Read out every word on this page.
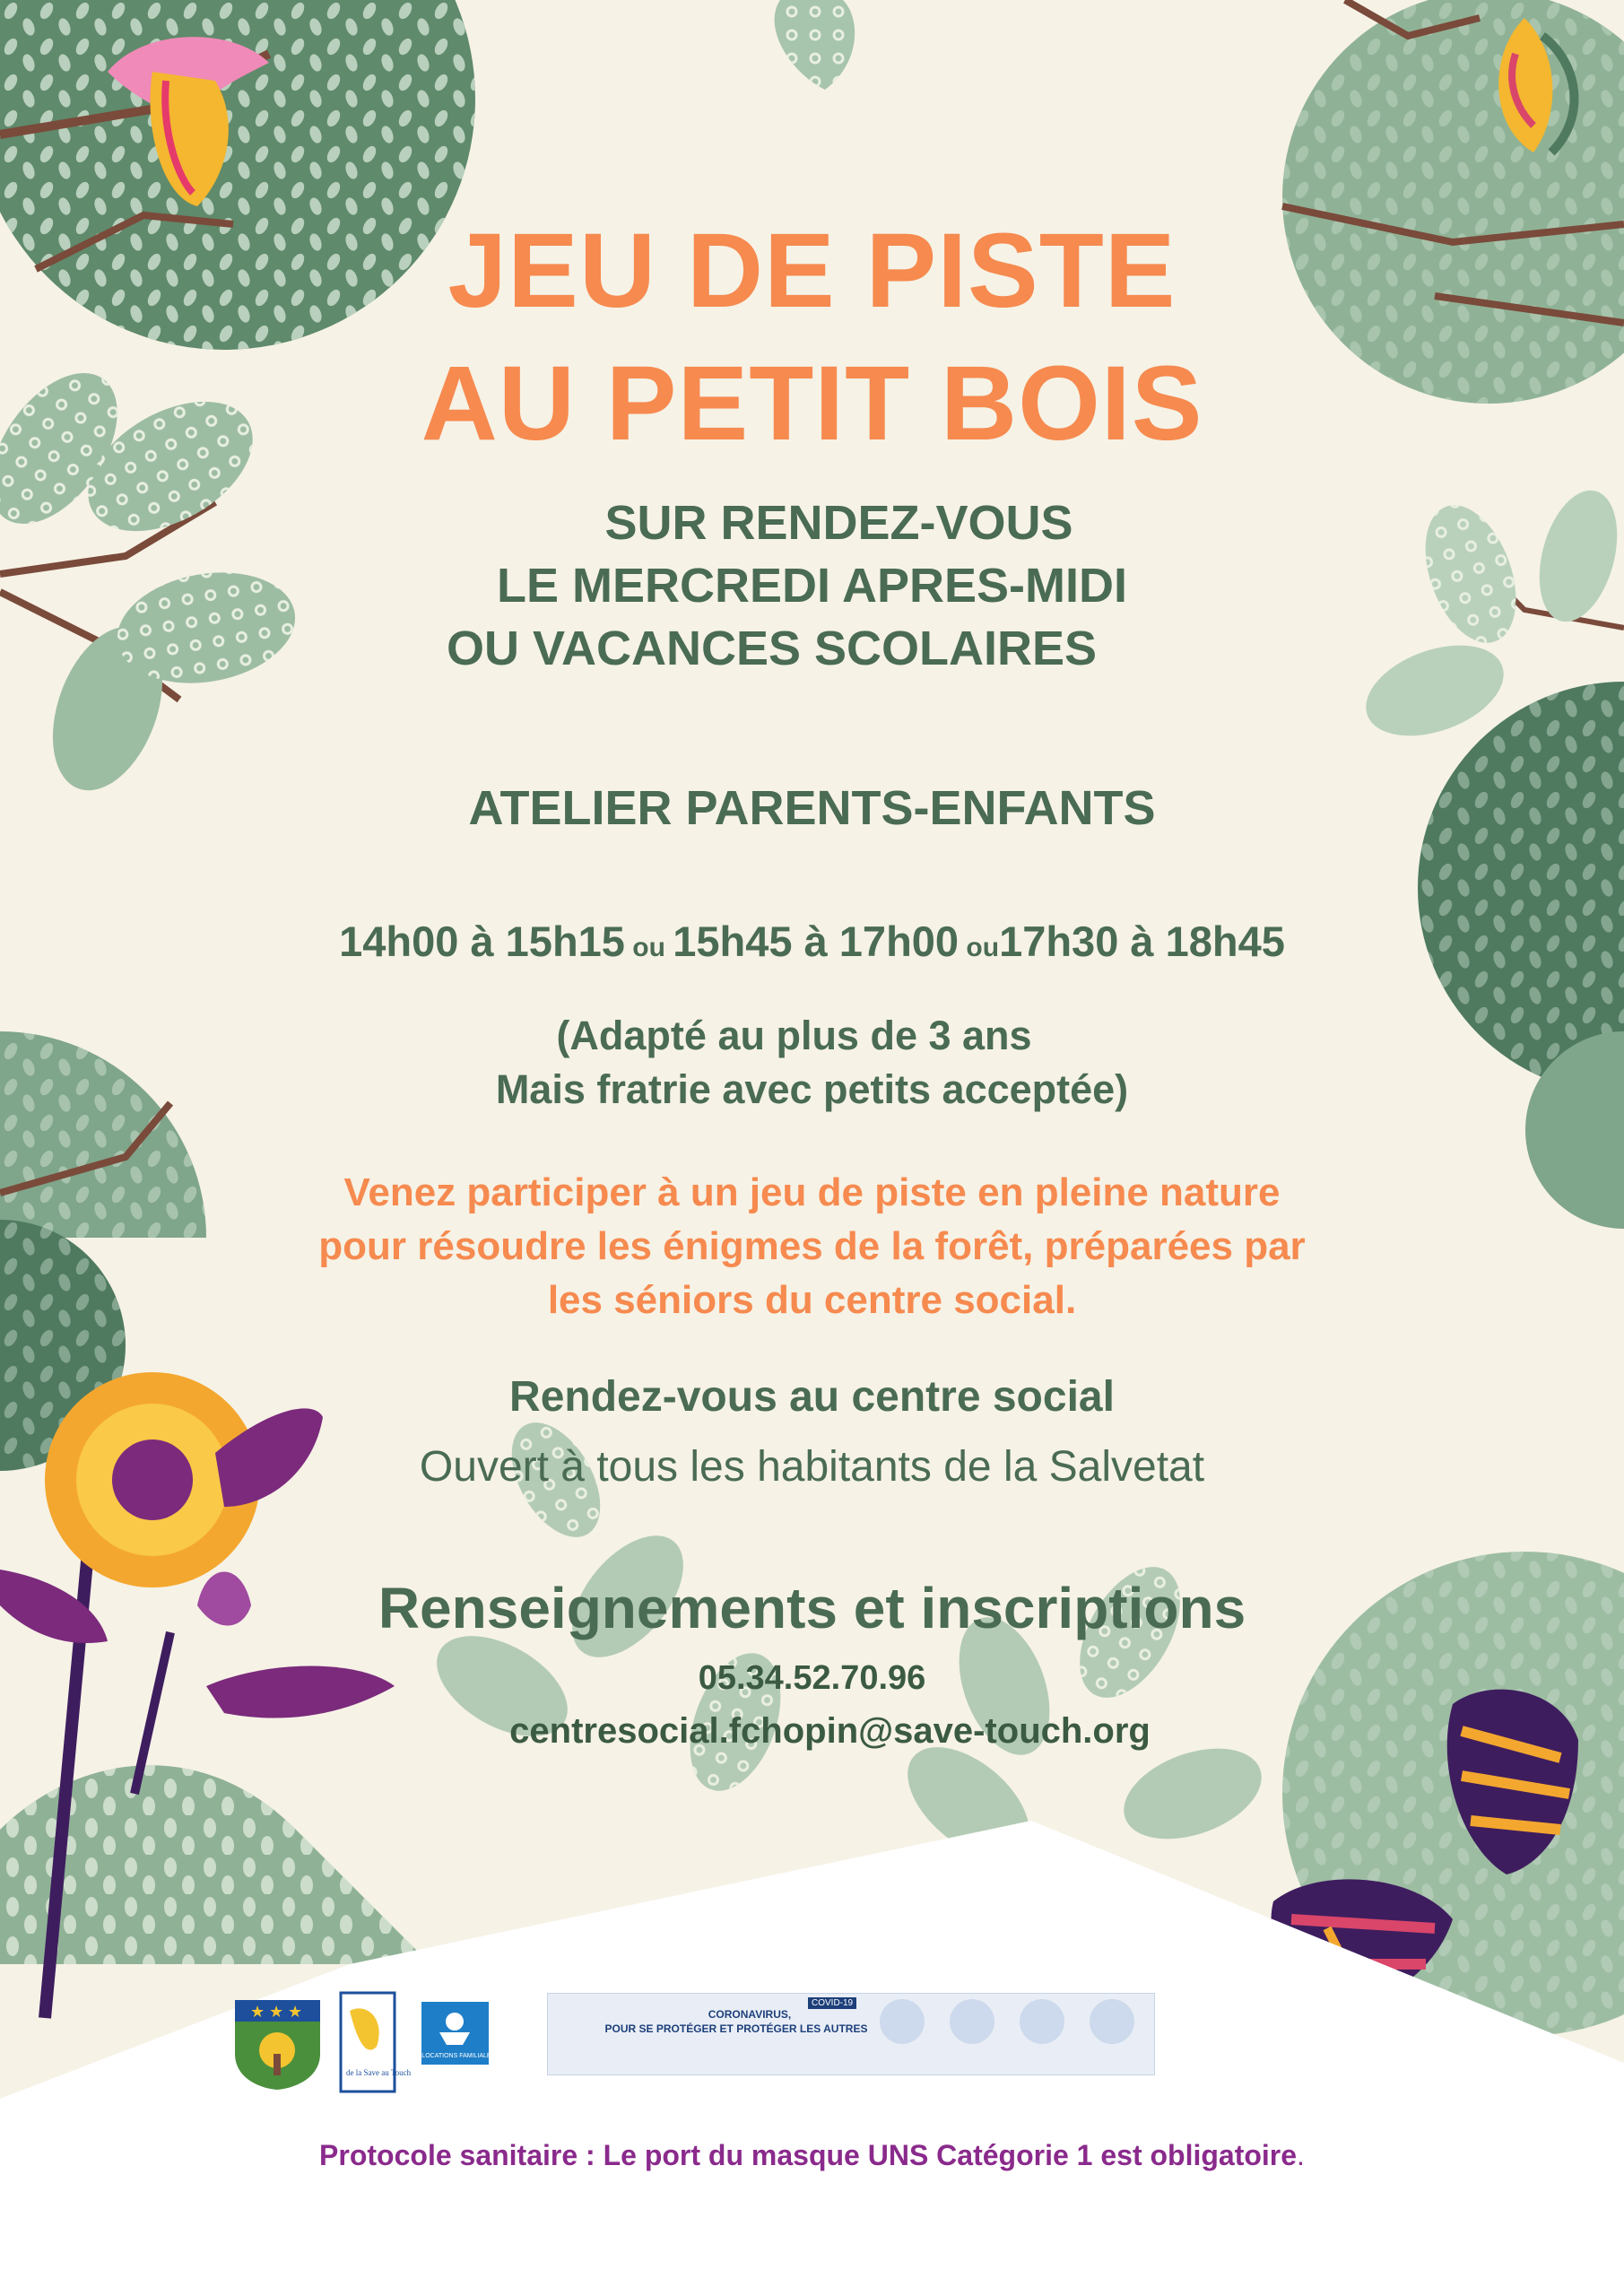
JEU DE PISTE
AU PETIT BOIS
SUR RENDEZ-VOUS
LE MERCREDI APRES-MIDI
OU VACANCES SCOLAIRES
ATELIER PARENTS-ENFANTS
14h00 à 15h15 ou 15h45 à 17h00 ou17h30 à 18h45
(Adapté au plus de 3 ans
Mais fratrie avec petits acceptée)
Venez participer à un jeu de piste en pleine nature
pour résoudre les énigmes de la forêt, préparées par
les séniors du centre social.
Rendez-vous au centre social
Ouvert à tous les habitants de la Salvetat
Renseignements et inscriptions
05.34.52.70.96
centresocial.fchopin@save-touch.org
★ ★ ★
de la Save au Touch
ALLOCATIONS FAMILIALES
CORONAVIRUS,
POUR SE PROTÉGER ET PROTÉGER LES AUTRES
COVID-19
Protocole sanitaire : Le port du masque UNS Catégorie 1 est obligatoire.
